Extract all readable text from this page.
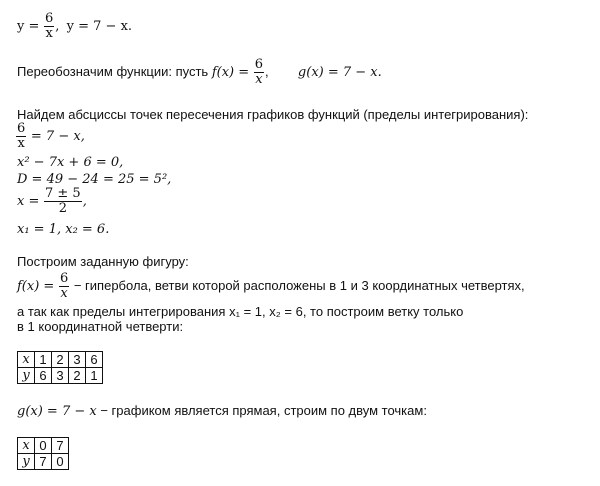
$y = \frac{6}{x}$ , y = 7 − x.
Переобозначим функции: пусть $f(x) = \frac{6}{x}$ , g(x) = 7 − x.
Найдем абсциссы точек пересечения графиков функций (пределы интегрирования):
$\frac{6}{x} = 7 - x$,
x² − 7x + 6 = 0,
D = 49 − 24 = 25 = 5²,
$x = \frac{7 \pm 5}{2}$ ,
x₁ = 1, x₂ = 6.
Построим заданную фигуру:
$f(x) = \frac{6}{x}$ − гипербола, ветви которой расположены в 1 и 3 координатных четвертях,
а так как пределы интегрирования x₁ = 1, x₂ = 6, то построим ветку только
в 1 координатной четверти:
x	1	2	3	6
y	6	3	2	1
g(x) = 7 − x − графиком является прямая, строим по двум точкам:
x	0	7
y	7	0
